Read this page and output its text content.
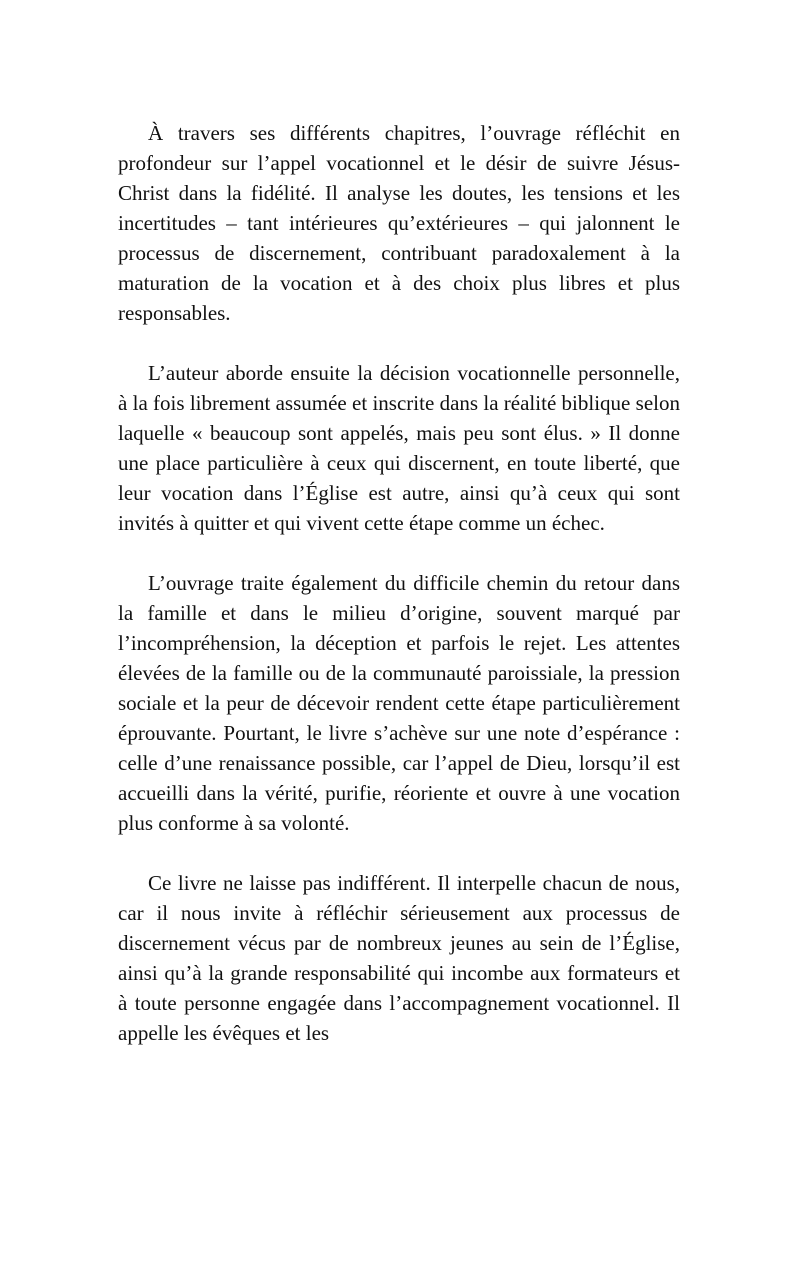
À travers ses différents chapitres, l’ouvrage réfléchit en profondeur sur l’appel vocationnel et le désir de suivre Jésus-Christ dans la fidélité. Il analyse les doutes, les tensions et les incertitudes – tant intérieures qu’extérieures – qui jalonnent le processus de discernement, contribuant paradoxalement à la maturation de la vocation et à des choix plus libres et plus responsables.

L’auteur aborde ensuite la décision vocationnelle personnelle, à la fois librement assumée et inscrite dans la réalité biblique selon laquelle « beaucoup sont appelés, mais peu sont élus. » Il donne une place particulière à ceux qui discernent, en toute liberté, que leur vocation dans l’Église est autre, ainsi qu’à ceux qui sont invités à quitter et qui vivent cette étape comme un échec.

L’ouvrage traite également du difficile chemin du retour dans la famille et dans le milieu d’origine, souvent marqué par l’incompréhension, la déception et parfois le rejet. Les attentes élevées de la famille ou de la communauté paroissiale, la pression sociale et la peur de décevoir rendent cette étape particulièrement éprouvante. Pourtant, le livre s’achève sur une note d’espérance : celle d’une renaissance possible, car l’appel de Dieu, lorsqu’il est accueilli dans la vérité, purifie, réoriente et ouvre à une vocation plus conforme à sa volonté.

Ce livre ne laisse pas indifférent. Il interpelle chacun de nous, car il nous invite à réfléchir sérieusement aux processus de discernement vécus par de nombreux jeunes au sein de l’Église, ainsi qu’à la grande responsabilité qui incombe aux formateurs et à toute personne engagée dans l’accompagnement vocationnel. Il appelle les évêques et les
